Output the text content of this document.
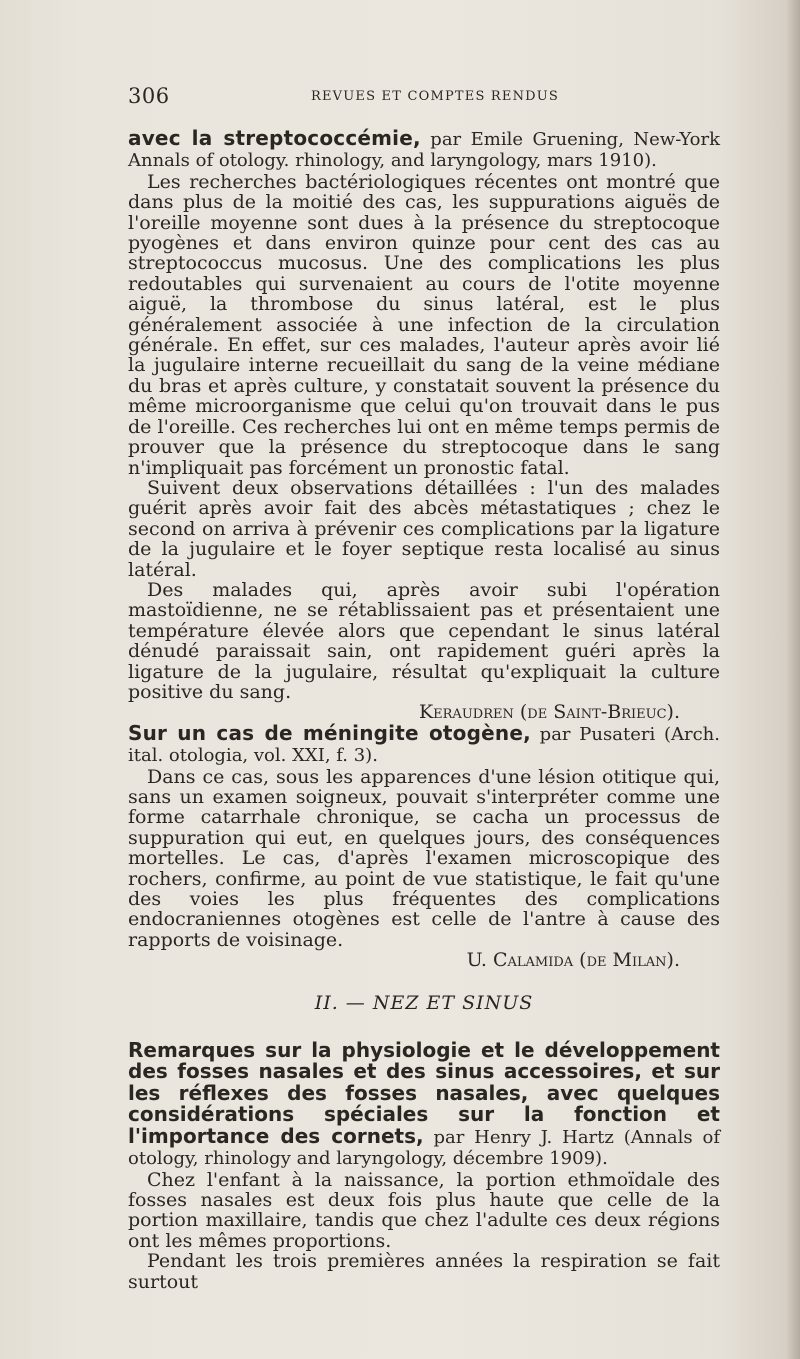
306	REVUES ET COMPTES RENDUS

avec la streptococcémie, par Emile Gruening, New-York Annals of otology. rhinology, and laryngology, mars 1910).

Les recherches bactériologiques récentes ont montré que dans plus de la moitié des cas, les suppurations aiguës de l'oreille moyenne sont dues à la présence du streptocoque pyogènes et dans environ quinze pour cent des cas au streptococcus mucosus. Une des complications les plus redoutables qui survenaient au cours de l'otite moyenne aiguë, la thrombose du sinus latéral, est le plus généralement associée à une infection de la circulation générale. En effet, sur ces malades, l'auteur après avoir lié la jugulaire interne recueillait du sang de la veine médiane du bras et après culture, y constatait souvent la présence du même microorganisme que celui qu'on trouvait dans le pus de l'oreille. Ces recherches lui ont en même temps permis de prouver que la présence du streptocoque dans le sang n'impliquait pas forcément un pronostic fatal.

Suivent deux observations détaillées : l'un des malades guérit après avoir fait des abcès métastatiques ; chez le second on arriva à prévenir ces complications par la ligature de la jugulaire et le foyer septique resta localisé au sinus latéral.

Des malades qui, après avoir subi l'opération mastoïdienne, ne se rétablissaient pas et présentaient une température élevée alors que cependant le sinus latéral dénudé paraissait sain, ont rapidement guéri après la ligature de la jugulaire, résultat qu'expliquait la culture positive du sang.

Keraudren (de Saint-Brieuc).

Sur un cas de méningite otogène, par Pusateri (Arch. ital. otologia, vol. XXI, f. 3).

Dans ce cas, sous les apparences d'une lésion otitique qui, sans un examen soigneux, pouvait s'interpréter comme une forme catarrhale chronique, se cacha un processus de suppuration qui eut, en quelques jours, des conséquences mortelles. Le cas, d'après l'examen microscopique des rochers, confirme, au point de vue statistique, le fait qu'une des voies les plus fréquentes des complications endocraniennes otogènes est celle de l'antre à cause des rapports de voisinage.

U. Calamida (de Milan).

II. — NEZ ET SINUS

Remarques sur la physiologie et le développement des fosses nasales et des sinus accessoires, et sur les réflexes des fosses nasales, avec quelques considérations spéciales sur la fonction et l'importance des cornets, par Henry J. Hartz (Annals of otology, rhinology and laryngology, décembre 1909).

Chez l'enfant à la naissance, la portion ethmoïdale des fosses nasales est deux fois plus haute que celle de la portion maxillaire, tandis que chez l'adulte ces deux régions ont les mêmes proportions.

Pendant les trois premières années la respiration se fait surtout
